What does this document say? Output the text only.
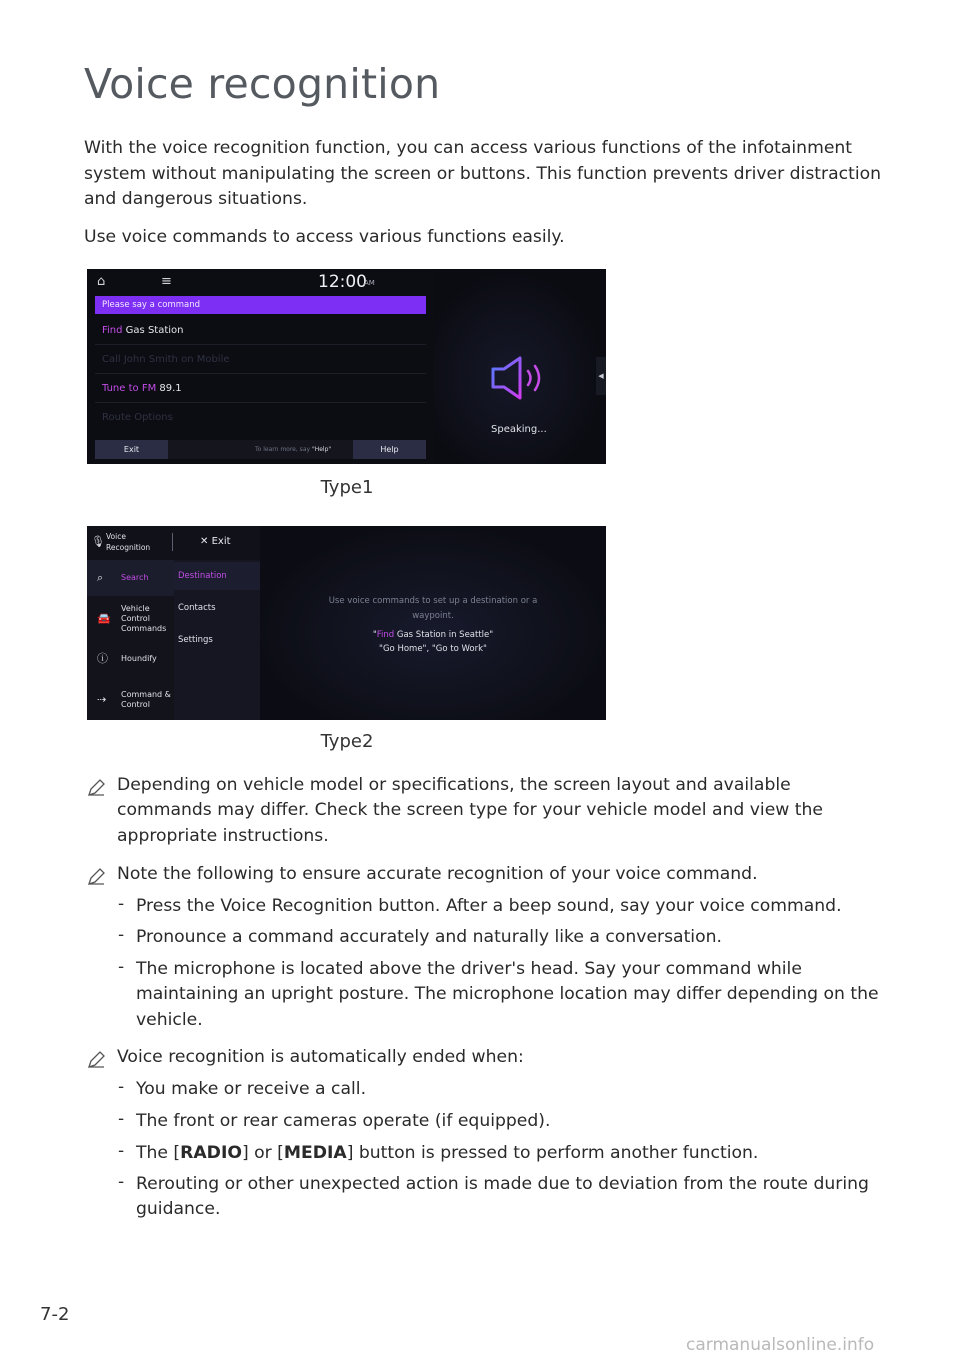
Voice recognition

With the voice recognition function, you can access various functions of the infotainment system without manipulating the screen or buttons. This function prevents driver distraction and dangerous situations.

Use voice commands to access various functions easily.

⌂	≡	12:00
AM
Please say a command
Find Gas Station
Call John Smith on Mobile
Tune to FM 89.1
Route Options
Exit	To learn more, say "Help"	Help
Speaking...
◀
Type1
🎙 Voice
Recognition
✕ Exit
⌕ Search
🚘
Vehicle
Control
Commands
ⓘ Houndify
⇢ Command &
Control
Destination
Contacts
Settings
Use voice commands to set up a destination or a
waypoint.
"Find Gas Station in Seattle"
"Go Home", "Go to Work"
Type2
Depending on vehicle model or specifications, the screen layout and available commands may differ. Check the screen type for your vehicle model and view the appropriate instructions.
Note the following to ensure accurate recognition of your voice command.
- Press the Voice Recognition button. After a beep sound, say your voice command.
- Pronounce a command accurately and naturally like a conversation.
- The microphone is located above the driver's head. Say your command while maintaining an upright posture. The microphone location may differ depending on the vehicle.
Voice recognition is automatically ended when:
- You make or receive a call.
- The front or rear cameras operate (if equipped).
- The [RADIO] or [MEDIA] button is pressed to perform another function.
- Rerouting or other unexpected action is made due to deviation from the route during guidance.
7-2
carmanualsonline.info
